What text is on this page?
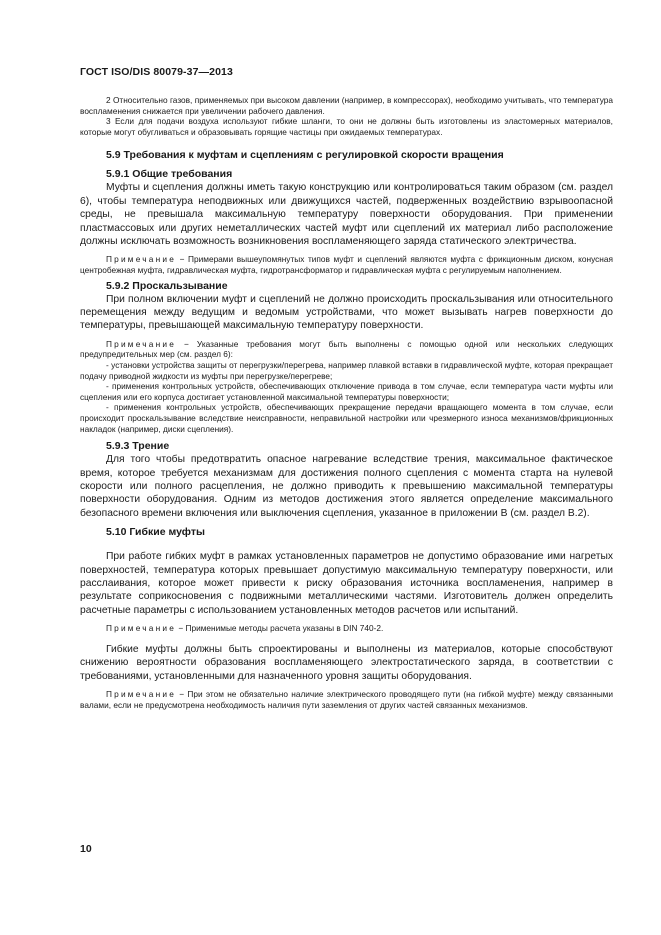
ГОСТ ISO/DIS 80079-37—2013

2 Относительно газов, применяемых при высоком давлении (например, в компрессорах), необходимо учитывать, что температура воспламенения снижается при увеличении рабочего давления.

3 Если для подачи воздуха используют гибкие шланги, то они не должны быть изготовлены из эластомерных материалов, которые могут обугливаться и образовывать горящие частицы при ожидаемых температурах.

5.9 Требования к муфтам и сцеплениям с регулировкой скорости вращения
5.9.1 Общие требования

Муфты и сцепления должны иметь такую конструкцию или контролироваться таким образом (см. раздел 6), чтобы температура неподвижных или движущихся частей, подверженных воздействию взрывоопасной среды, не превышала максимальную температуру поверхности оборудования. При применении пластмассовых или других неметаллических частей муфт или сцеплений их материал либо расположение должны исключать возможность возникновения воспламеняющего заряда статического электричества.

Примечание − Примерами вышеупомянутых типов муфт и сцеплений являются муфта с фрикционным диском, конусная центробежная муфта, гидравлическая муфта, гидротрансформатор и гидравлическая муфта с регулируемым наполнением.

5.9.2 Проскальзывание

При полном включении муфт и сцеплений не должно происходить проскальзывания или относительного перемещения между ведущим и ведомым устройствами, что может вызывать нагрев поверхности до температуры, превышающей максимальную температуру поверхности.

Примечание − Указанные требования могут быть выполнены с помощью одной или нескольких следующих предупредительных мер (см. раздел 6):

- установки устройства защиты от перегрузки/перегрева, например плавкой вставки в гидравлической муфте, которая прекращает подачу приводной жидкости из муфты при перегрузке/перегреве;

- применения контрольных устройств, обеспечивающих отключение привода в том случае, если температура части муфты или сцепления или его корпуса достигает установленной максимальной температуры поверхности;

- применения контрольных устройств, обеспечивающих прекращение передачи вращающего момента в том случае, если происходит проскальзывание вследствие неисправности, неправильной настройки или чрезмерного износа механизмов/фрикционных накладок (например, диски сцепления).

5.9.3 Трение

Для того чтобы предотвратить опасное нагревание вследствие трения, максимальное фактическое время, которое требуется механизмам для достижения полного сцепления с момента старта на нулевой скорости или полного расцепления, не должно приводить к превышению максимальной температуры поверхности оборудования. Одним из методов достижения этого является определение максимального безопасного времени включения или выключения сцепления, указанное в приложении В (см. раздел В.2).

5.10 Гибкие муфты

При работе гибких муфт в рамках установленных параметров не допустимо образование ими нагретых поверхностей, температура которых превышает допустимую максимальную температуру поверхности, или расслаивания, которое может привести к риску образования источника воспламенения, например в результате соприкосновения с подвижными металлическими частями. Изготовитель должен определить расчетные параметры с использованием установленных методов расчетов или испытаний.

Примечание − Применимые методы расчета указаны в DIN 740-2.

Гибкие муфты должны быть спроектированы и выполнены из материалов, которые способствуют снижению вероятности образования воспламеняющего электростатического заряда, в соответствии с требованиями, установленными для назначенного уровня защиты оборудования.

Примечание − При этом не обязательно наличие электрического проводящего пути (на гибкой муфте) между связанными валами, если не предусмотрена необходимость наличия пути заземления от других частей связанных механизмов.

10
